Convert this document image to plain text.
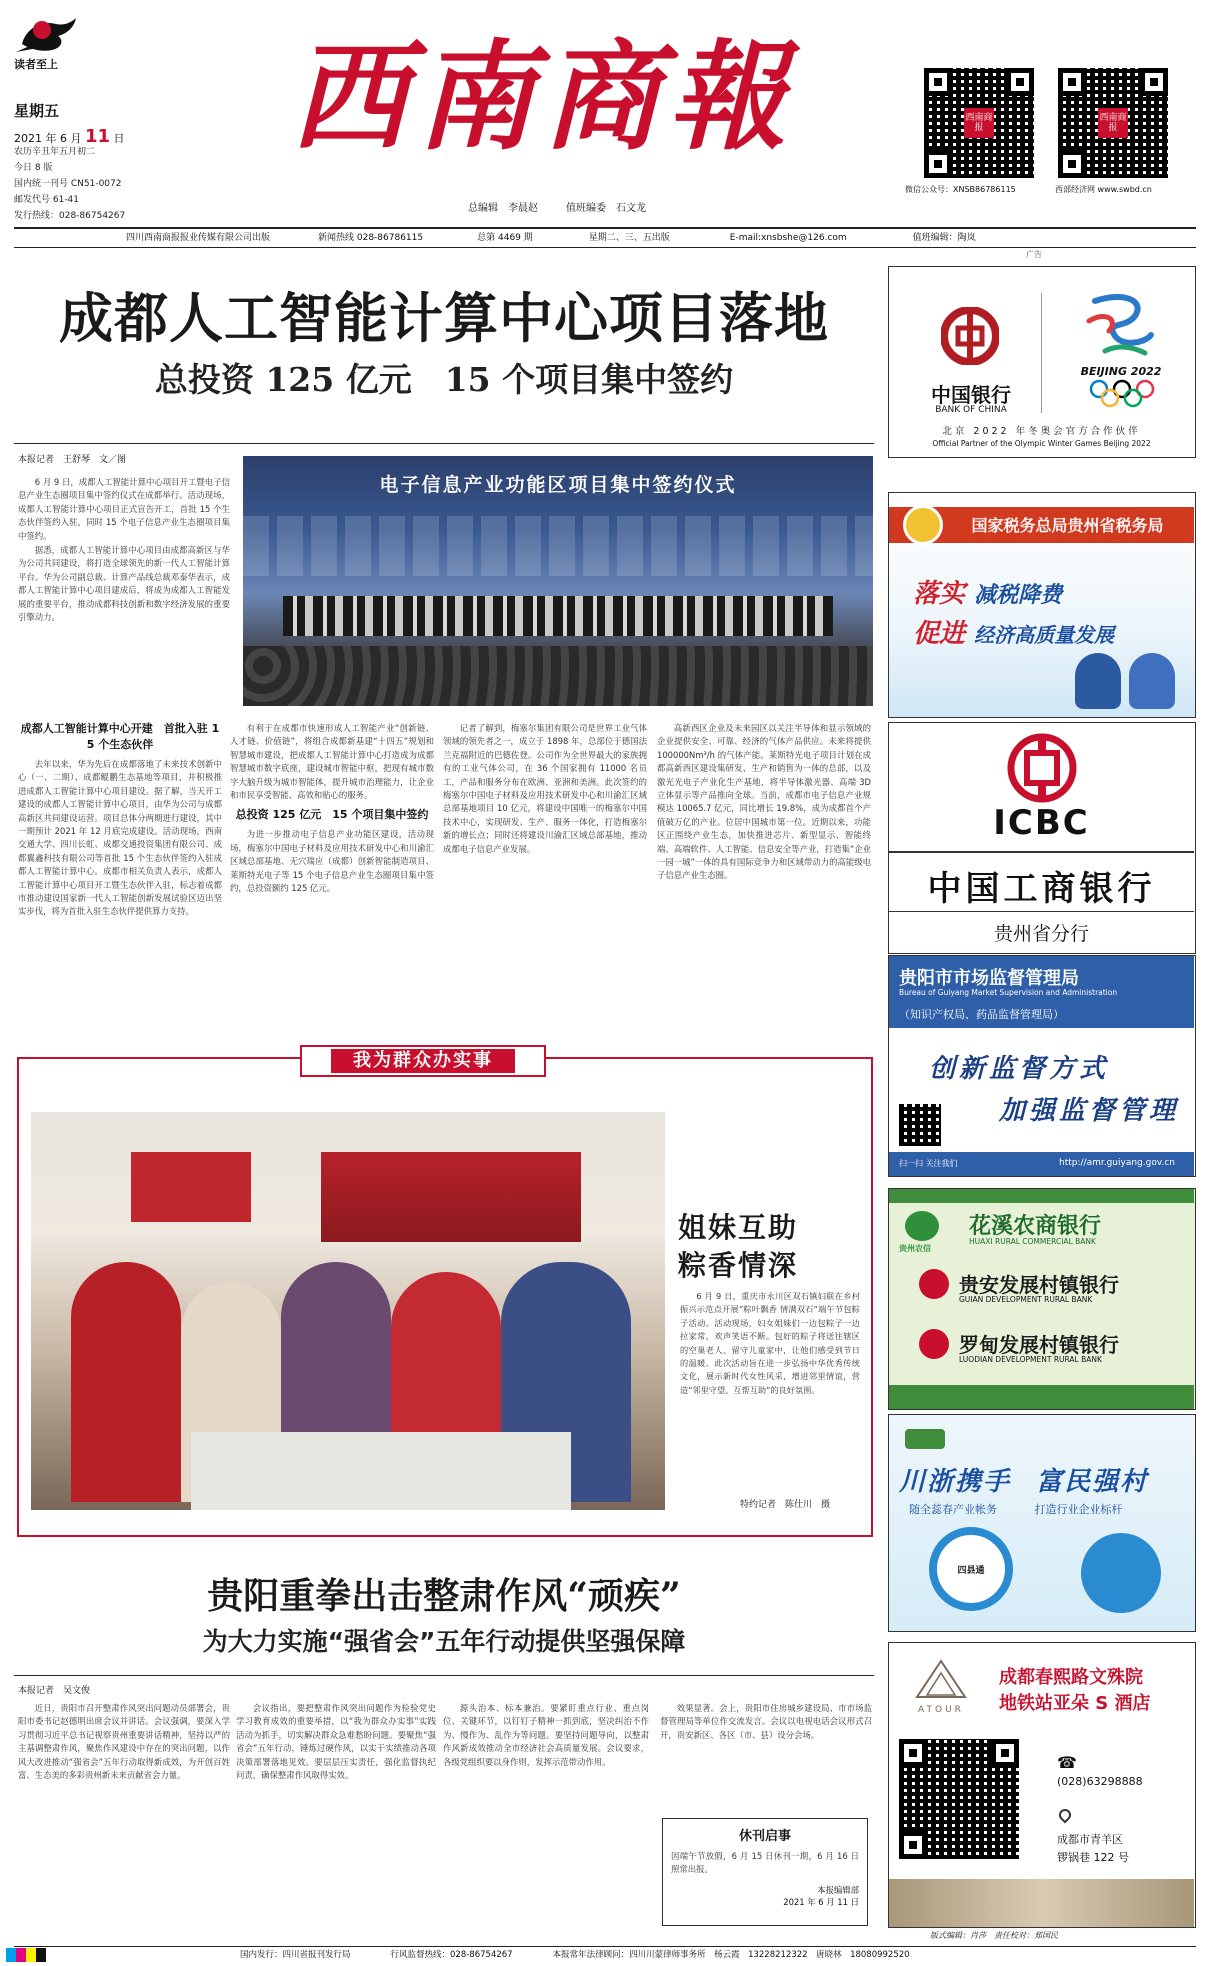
读者至上
星期五
2021 年 6 月 11 日
农历辛丑年五月初二
今日 8 版
国内统一刊号 CN51-0072
邮发代号 61-41
发行热线：028-86754267
西南商報
总编辑　李晨赵	值班编委　石文龙
西南商报
微信公众号：XNSB86786115
西南商报
西部经济网 www.swbd.cn
四川西南商报报业传媒有限公司出版	新闻热线 028-86786115	总第 4469 期	星期二、三、五出版	E-mail:xnsbshe@126.com	值班编辑：陶岚
广告
成都人工智能计算中心项目落地
总投资 125 亿元　15 个项目集中签约
本报记者　王舒琴　文／图

6 月 9 日，成都人工智能计算中心项目开工暨电子信息产业生态圈项目集中签约仪式在成都举行。活动现场，成都人工智能计算中心项目正式宣告开工，首批 15 个生态伙伴签约入驻，同时 15 个电子信息产业生态圈项目集中签约。

据悉，成都人工智能计算中心项目由成都高新区与华为公司共同建设，将打造全球领先的新一代人工智能计算平台。华为公司副总裁、计算产品线总裁邓泰华表示，成都人工智能计算中心项目建成后，将成为成都人工智能发展的重要平台，推动成都科技创新和数字经济发展的重要引擎动力。

电子信息产业功能区项目集中签约仪式
成都人工智能计算中心开建　首批入驻 15 个生态伙伴

去年以来，华为先后在成都落地了未来技术创新中心（一、二期）、成都鲲鹏生态基地等项目，并积极推进成都人工智能计算中心项目建设。据了解，当天开工建设的成都人工智能计算中心项目，由华为公司与成都高新区共同建设运营。项目总体分两期进行建设，其中一期预计 2021 年 12 月底完成建设。活动现场，西南交通大学、四川长虹、成都交通投资集团有限公司、成都翼鑫科技有限公司等首批 15 个生态伙伴签约入驻成都人工智能计算中心。成都市相关负责人表示，成都人工智能计算中心项目开工暨生态伙伴入驻，标志着成都市推动建设国家新一代人工智能创新发展试验区迈出坚实步伐，将为首批入驻生态伙伴提供算力支持。

有利于在成都市快速形成人工智能产业“创新链、人才链、价值链”，将组合成都新基建“十四五”规划和智慧城市建设，把成都人工智能计算中心打造成为成都智慧城市数字底座，建设城市智能中枢，把现有城市数字大脑升级为城市智能体，提升城市治理能力，让企业和市民享受智能、高效和贴心的服务。

总投资 125 亿元　15 个项目集中签约

为进一步推动电子信息产业功能区建设，活动现场，梅塞尔中国电子材料及应用技术研发中心和川渝汇区域总部基地、无穴瑞应（成都）创新智能制造项目、莱斯特光电子等 15 个电子信息产业生态圈项目集中签约，总投资额约 125 亿元。

记者了解到，梅塞尔集团有限公司是世界工业气体领域的领先者之一，成立于 1898 年，总部位于德国法兰克福附近的巴德佐登。公司作为全世界最大的家族拥有的工业气体公司，在 36 个国家拥有 11000 名员工，产品和服务分布在欧洲、亚洲和美洲。此次签约的梅塞尔中国电子材料及应用技术研发中心和川渝汇区域总部基地项目 10 亿元，将建设中国唯一的梅塞尔中国技术中心，实现研发、生产、服务一体化，打造梅塞尔新的增长点；同时还将建设川渝汇区域总部基地，推动成都电子信息产业发展。

高新西区企业及未来园区以关注半导体和显示领域的企业提供安全、可靠、经济的气体产品供应。未来将提供 100000Nm³/h 的气体产能。莱斯特光电子项目计划在成都高新西区建设集研发、生产和销售为一体的总部，以及激光光电子产业化生产基地，将半导体激光器、高端 3D 立体显示等产品推向全球。当前，成都市电子信息产业规模达 10065.7 亿元，同比增长 19.8%，成为成都首个产值破万亿的产业。位居中国城市第一位。近期以来，功能区正围绕产业生态，加快推进芯片、新型显示、智能终端、高端软件、人工智能、信息安全等产业，打造集“企业一园一城”一体的具有国际竞争力和区域带动力的高能级电子信息产业生态圈。

我为群众办实事
姐妹互助
粽香情深

6 月 9 日，重庆市永川区双石镇妇联在乡村振兴示范点开展“粽叶飘香 情满双石”端午节包粽子活动。活动现场，妇女姐妹们一边包粽子一边拉家常，欢声笑语不断。包好的粽子将送往辖区的空巢老人、留守儿童家中，让他们感受到节日的温暖。此次活动旨在进一步弘扬中华优秀传统文化，展示新时代女性风采，增进邻里情谊，营造“邻里守望、互帮互助”的良好氛围。

特约记者　陈仕川　摄
贵阳重拳出击整肃作风“顽疾”
为大力实施“强省会”五年行动提供坚强保障
本报记者　吴文俊

近日，贵阳市召开整肃作风突出问题动员部署会，贵阳市委书记赵德明出席会议并讲话。会议强调，要深入学习贯彻习近平总书记视察贵州重要讲话精神，坚持以严的主基调整肃作风，聚焦作风建设中存在的突出问题，以作风大改进推动“强省会”五年行动取得新成效，为开创百姓富、生态美的多彩贵州新未来贡献省会力量。

会议指出，要把整肃作风突出问题作为检验党史学习教育成效的重要举措，以“我为群众办实事”实践活动为抓手，切实解决群众急难愁盼问题。要聚焦“强省会”五年行动，锤炼过硬作风，以实干实绩推动各项决策部署落地见效。要层层压实责任，强化监督执纪问责，确保整肃作风取得实效。

源头治本、标本兼治。要紧盯重点行业、重点岗位、关键环节，以钉钉子精神一抓到底，坚决纠治不作为、慢作为、乱作为等问题。要坚持问题导向，以整肃作风新成效推动全市经济社会高质量发展。会议要求，各级党组织要以身作则，发挥示范带动作用。

效果显著。会上，贵阳市住房城乡建设局、市市场监督管理局等单位作交流发言。会议以电视电话会议形式召开，贵安新区、各区（市、县）设分会场。

休刊启事
因端午节放假，6 月 15 日休刊一期，6 月 16 日照常出报。
本报编辑部
2021 年 6 月 11 日
中国银行
BANK OF CHINA
BEIJING 2022
北京 2022 年冬奥会官方合作伙伴
Official Partner of the Olympic Winter Games Beijing 2022
国家税务总局贵州省税务局
落实 减税降费
促进 经济高质量发展
ICBC
中国工商银行
贵州省分行
贵阳市市场监督管理局
Bureau of Guiyang Market Supervision and Administration
（知识产权局、药品监督管理局）
创新监督方式
加强监督管理
扫一扫 关注我们	http://amr.guiyang.gov.cn
贵州农信
花溪农商银行
HUAXI RURAL COMMERCIAL BANK
贵安发展村镇银行
GUIAN DEVELOPMENT RURAL BANK
罗甸发展村镇银行
LUODIAN DEVELOPMENT RURAL BANK
川浙携手 富民强村
随全蕊春产业帐务	打造行业企业标杆
四县通
ATOUR
成都春熙路文殊院
地铁站亚朵 S 酒店
☎
(028)63298888
成都市青羊区
锣锅巷 122 号
版式编辑：肖莎　责任校对：郑国民
国内发行：四川省报刊发行局	行风监督热线：028-86754267	本报常年法律顾问：四川川蒙律师事务所　杨云霞　13228212322　唐晓林　18080992520
